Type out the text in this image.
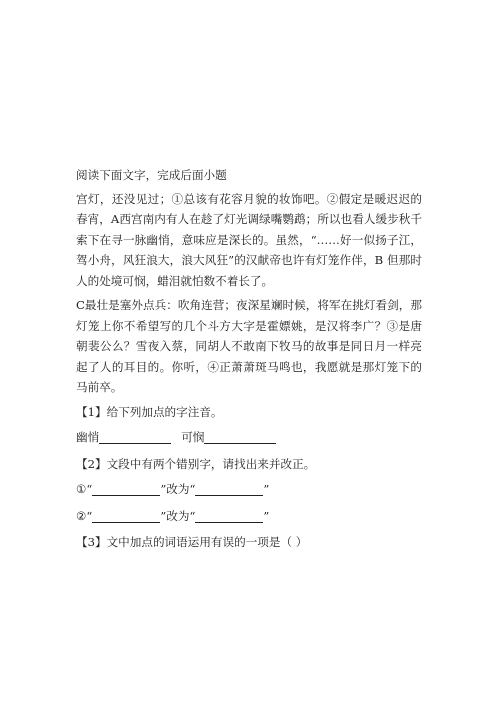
阅读下面文字，完成后面小题

宫灯，还没见过；①总该有花容月貌的妆饰吧。②假定是暖迟迟的春宵，A西宫南内有人在趁了灯光调绿嘴鹦鹉；所以也看人缓步秋千索下在寻一脉幽悄，意味应是深长的。虽然，“……好一似扬子江，驾小舟，风狂浪大，浪大风狂”的汉献帝也许有灯笼作伴，B 但那时人的处境可悯，蜡泪就怕数不着长了。

C最壮是塞外点兵：吹角连营；夜深星斓时候，将军在挑灯看剑，那灯笼上你不希望写的几个斗方大字是霍嫖姚，是汉将李广？③是唐朝裴公么？雪夜入蔡，同胡人不敢南下牧马的故事是同日月一样亮起了人的耳目的。你听，④正萧萧斑马鸣也，我愿就是那灯笼下的马前卒。

【1】给下列加点的字注音。
幽悄	可悯
【2】文段中有两个错别字，请找出来并改正。
①“	”改为“	”
②“	”改为“	”
【3】文中加点的词语运用有误的一项是（ ）
